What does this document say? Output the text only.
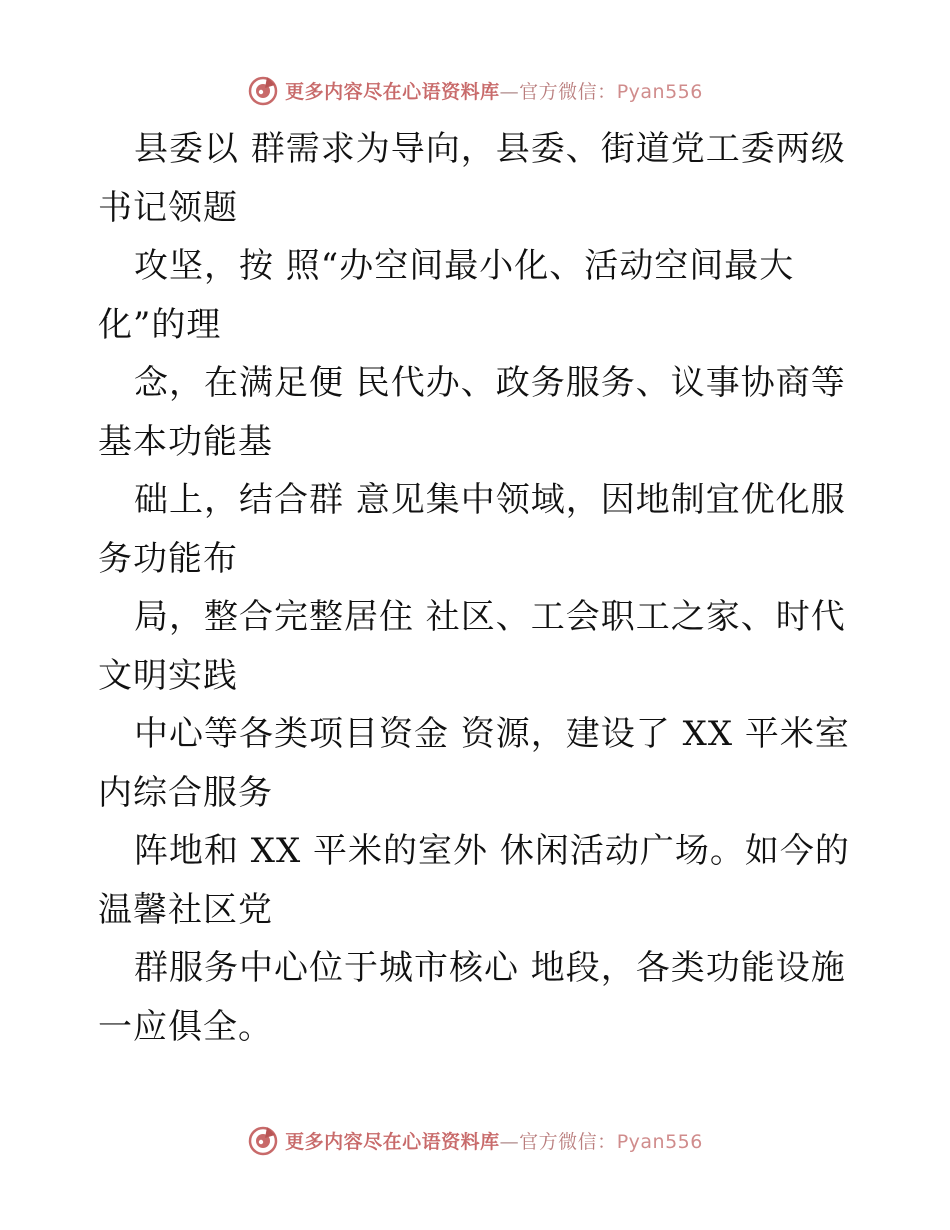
更多内容尽在心语资料库—官方微信：Pyan556
县委以 群需求为导向，县委、街道党工委两级
书记领题
攻坚，按 照“办空间最小化、活动空间最大
化”的理
念，在满足便 民代办、政务服务、议事协商等
基本功能基
础上，结合群 意见集中领域，因地制宜优化服
务功能布
局，整合完整居住 社区、工会职工之家、时代
文明实践
中心等各类项目资金 资源，建设了 XX 平米室
内综合服务
阵地和 XX 平米的室外 休闲活动广场。如今的
温馨社区党
群服务中心位于城市核心 地段，各类功能设施
一应俱全。
更多内容尽在心语资料库—官方微信：Pyan556
